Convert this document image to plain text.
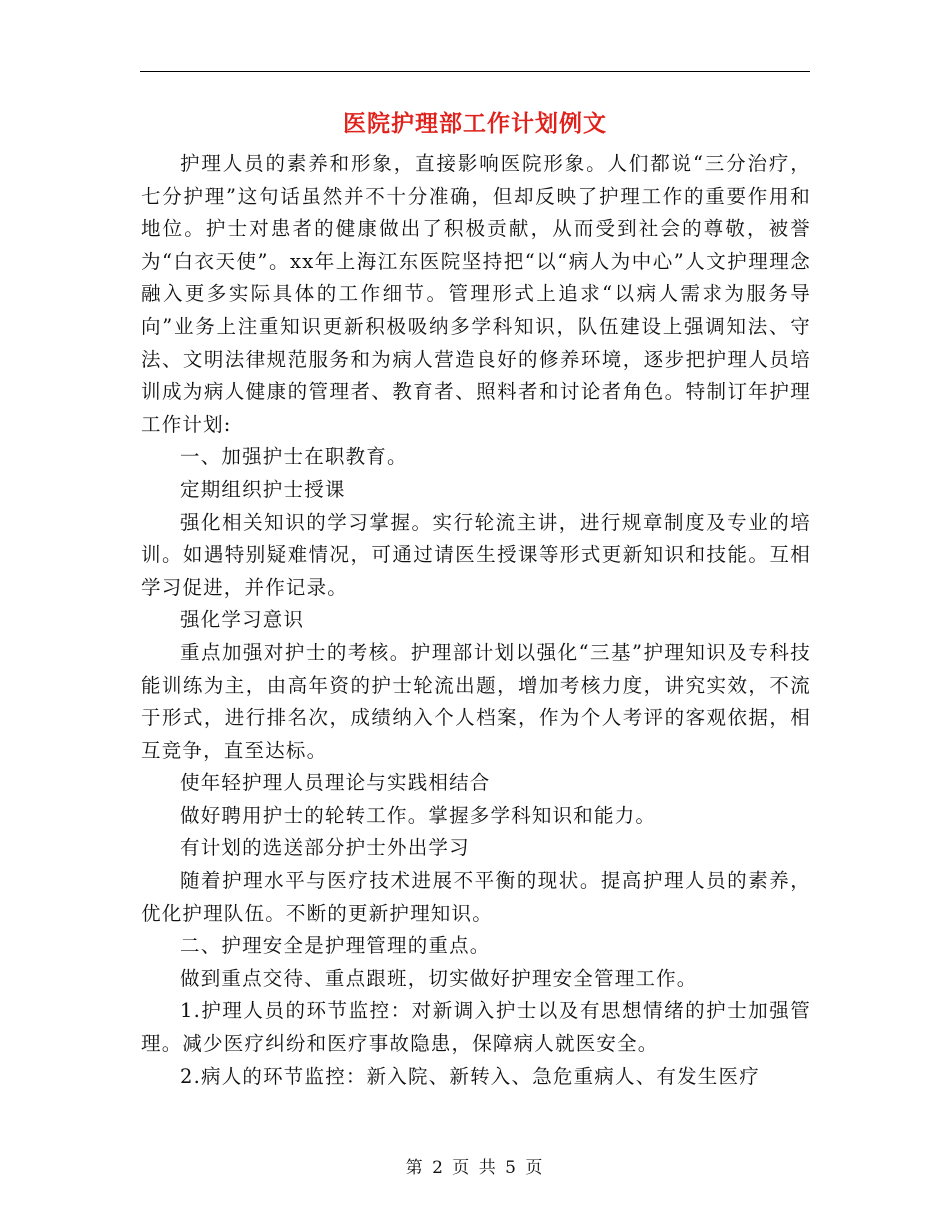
医院护理部工作计划例文

护理人员的素养和形象，直接影响医院形象。人们都说“三分治疗，七分护理”这句话虽然并不十分准确，但却反映了护理工作的重要作用和地位。护士对患者的健康做出了积极贡献，从而受到社会的尊敬，被誉为“白衣天使”。xx年上海江东医院坚持把“以“病人为中心”人文护理理念融入更多实际具体的工作细节。管理形式上追求“以病人需求为服务导向”业务上注重知识更新积极吸纳多学科知识，队伍建设上强调知法、守法、文明法律规范服务和为病人营造良好的修养环境，逐步把护理人员培训成为病人健康的管理者、教育者、照料者和讨论者角色。特制订年护理工作计划:

一、加强护士在职教育。

定期组织护士授课

强化相关知识的学习掌握。实行轮流主讲，进行规章制度及专业的培训。如遇特别疑难情况，可通过请医生授课等形式更新知识和技能。互相学习促进，并作记录。

强化学习意识

重点加强对护士的考核。护理部计划以强化“三基”护理知识及专科技能训练为主，由高年资的护士轮流出题，增加考核力度，讲究实效，不流于形式，进行排名次，成绩纳入个人档案，作为个人考评的客观依据，相互竞争，直至达标。

使年轻护理人员理论与实践相结合

做好聘用护士的轮转工作。掌握多学科知识和能力。

有计划的选送部分护士外出学习

随着护理水平与医疗技术进展不平衡的现状。提高护理人员的素养，优化护理队伍。不断的更新护理知识。

二、护理安全是护理管理的重点。

做到重点交待、重点跟班，切实做好护理安全管理工作。

1.护理人员的环节监控：对新调入护士以及有思想情绪的护士加强管理。减少医疗纠纷和医疗事故隐患，保障病人就医安全。

2.病人的环节监控：新入院、新转入、急危重病人、有发生医疗

第 2 页 共 5 页
